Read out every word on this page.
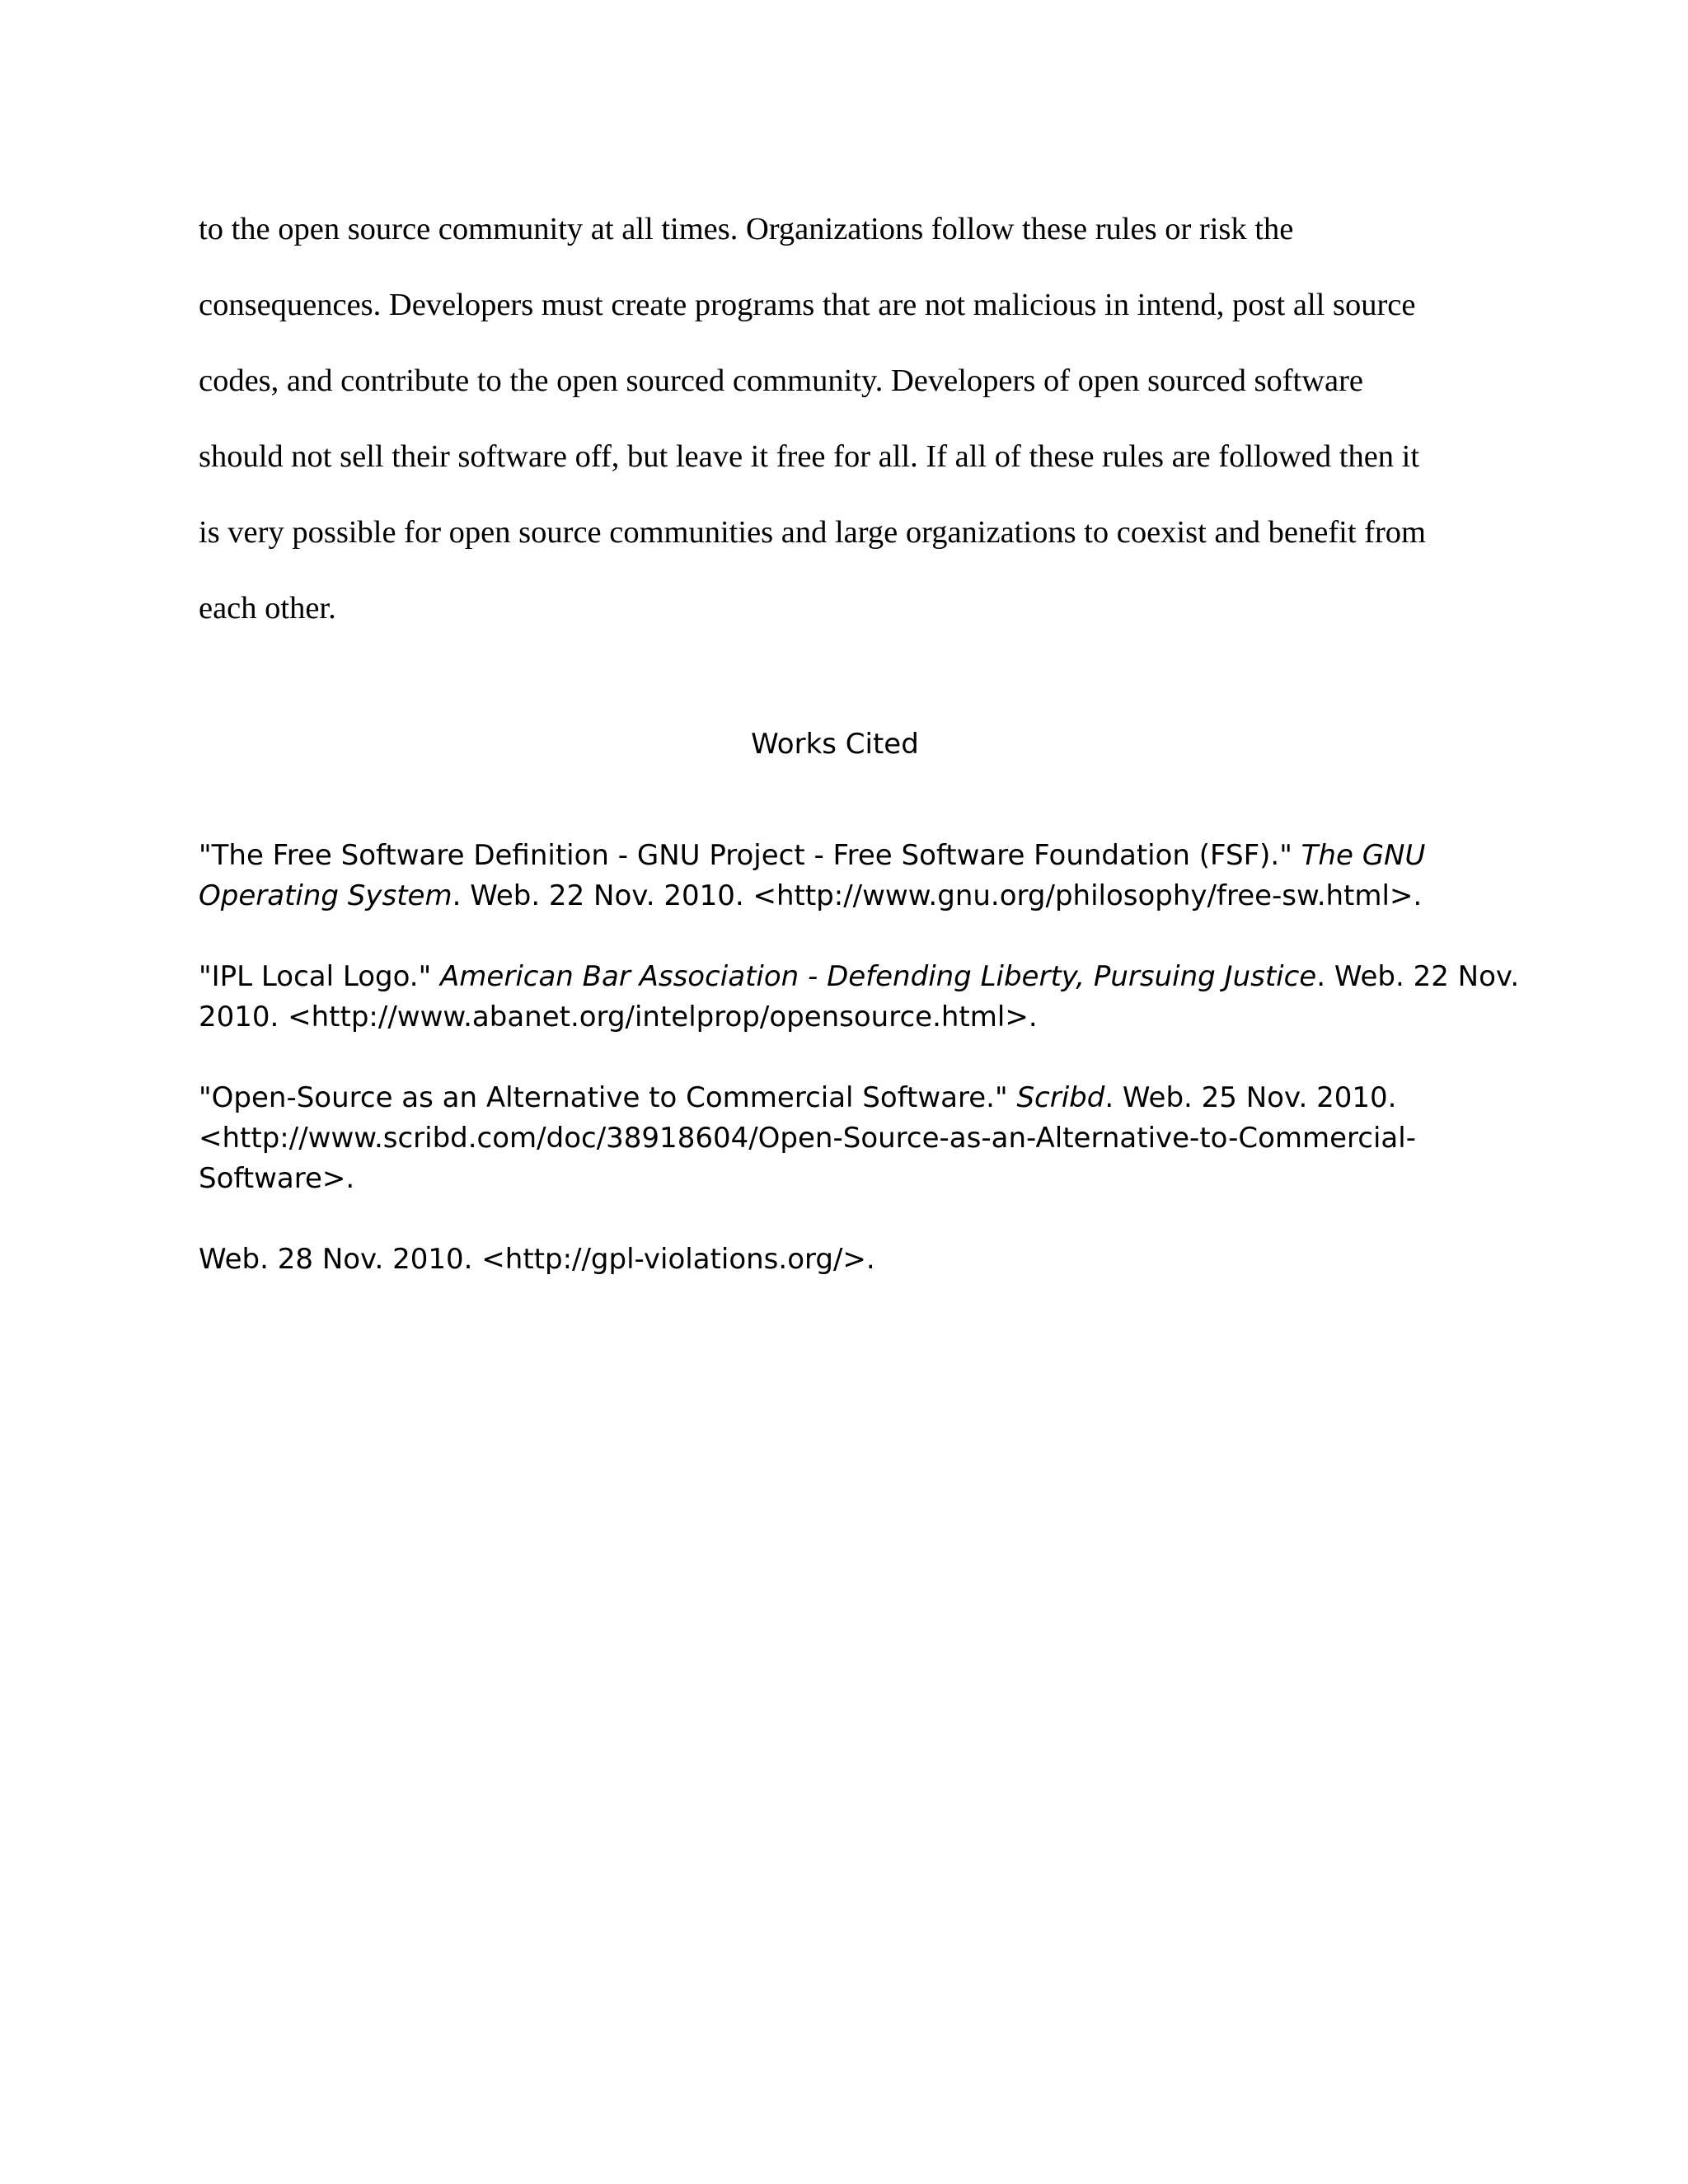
to the open source community at all times. Organizations follow these rules or risk the
consequences. Developers must create programs that are not malicious in intend, post all source
codes, and contribute to the open sourced community. Developers of open sourced software
should not sell their software off, but leave it free for all. If all of these rules are followed then it
is very possible for open source communities and large organizations to coexist and benefit from
each other.

Works Cited

"The Free Software Definition - GNU Project - Free Software Foundation (FSF)." The GNU
Operating System. Web. 22 Nov. 2010. <http://www.gnu.org/philosophy/free-sw.html>.

"IPL Local Logo." American Bar Association - Defending Liberty, Pursuing Justice. Web. 22 Nov.
2010. <http://www.abanet.org/intelprop/opensource.html>.

"Open-Source as an Alternative to Commercial Software." Scribd. Web. 25 Nov. 2010.
<http://www.scribd.com/doc/38918604/Open-Source-as-an-Alternative-to-Commercial-
Software>.

Web. 28 Nov. 2010. <http://gpl-violations.org/>.
